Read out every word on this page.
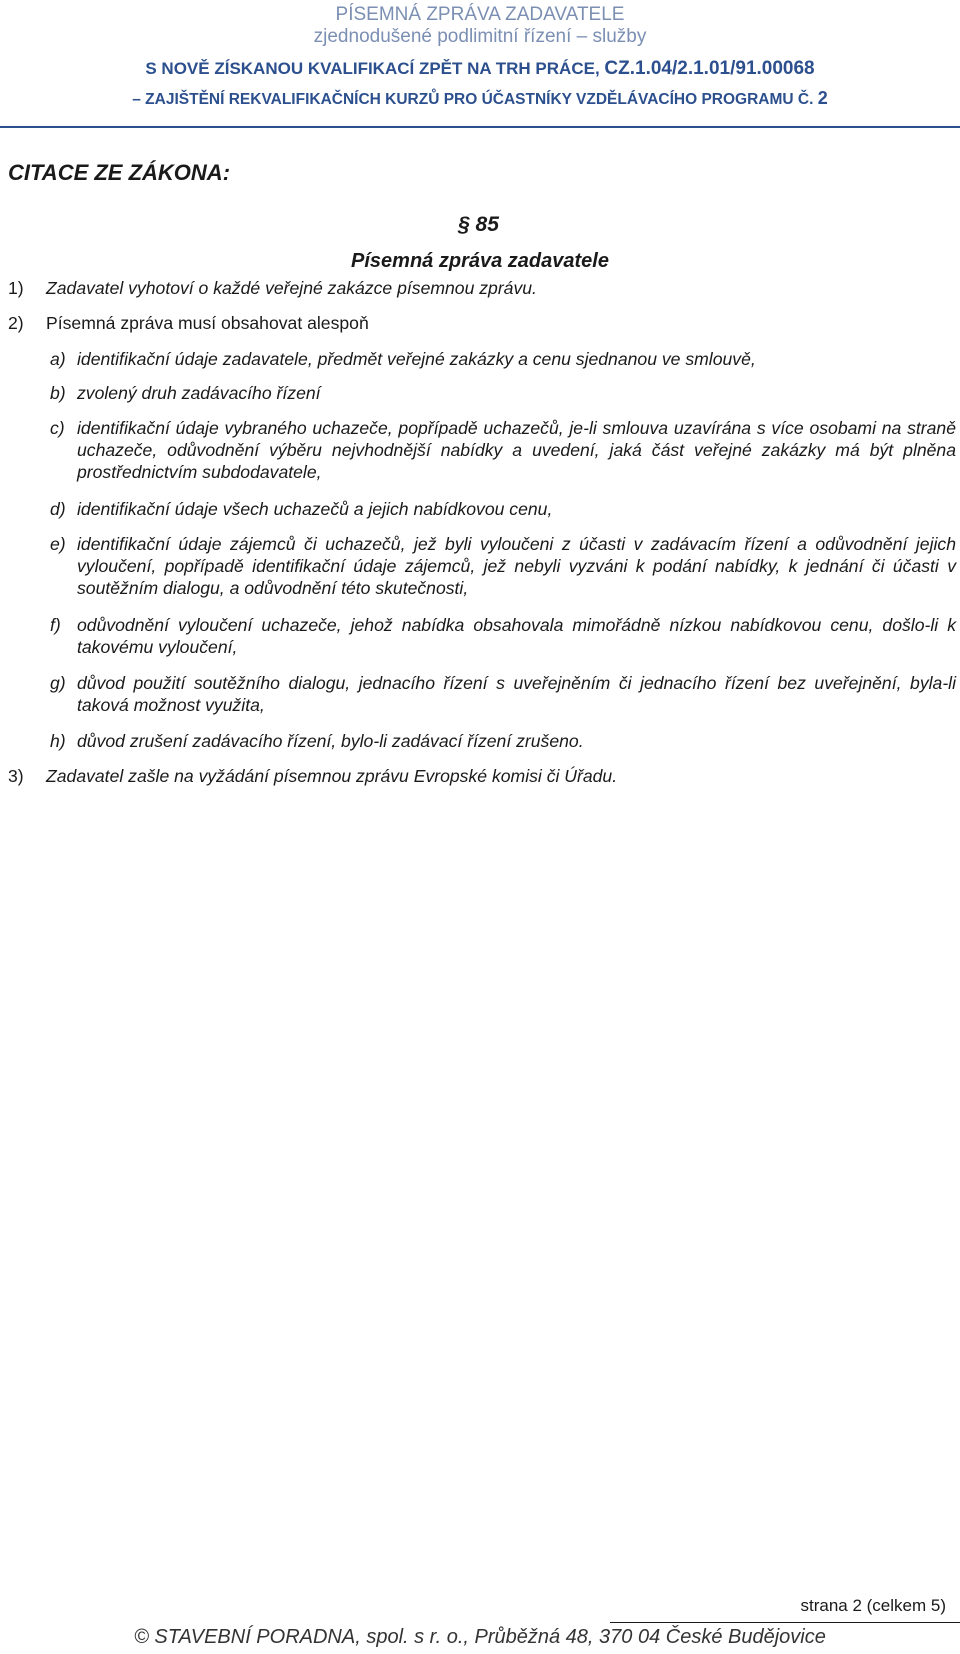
PÍSEMNÁ ZPRÁVA ZADAVATELE
zjednodušené podlimitní řízení – služby
S NOVĚ ZÍSKANOU KVALIFIKACÍ ZPĚT NA TRH PRÁCE, CZ.1.04/2.1.01/91.00068
– ZAJIŠTĚNÍ REKVALIFIKAČNÍCH KURZŮ PRO ÚČASTNÍKY VZDĚLÁVACÍHO PROGRAMU Č. 2
CITACE ZE ZÁKONA:
§ 85
Písemná zpráva zadavatele
1) Zadavatel vyhotoví o každé veřejné zakázce písemnou zprávu.
2) Písemná zpráva musí obsahovat alespoň
a) identifikační údaje zadavatele, předmět veřejné zakázky a cenu sjednanou ve smlouvě,
b) zvolený druh zadávacího řízení
c) identifikační údaje vybraného uchazeče, popřípadě uchazečů, je-li smlouva uzavírána s více osobami na straně uchazeče, odůvodnění výběru nejvhodnější nabídky a uvedení, jaká část veřejné zakázky má být plněna prostřednictvím subdodavatele,
d) identifikační údaje všech uchazečů a jejich nabídkovou cenu,
e) identifikační údaje zájemců či uchazečů, jež byli vyloučeni z účasti v zadávacím řízení a odůvodnění jejich vyloučení, popřípadě identifikační údaje zájemců, jež nebyli vyzváni k podání nabídky, k jednání či účasti v soutěžním dialogu, a odůvodnění této skutečnosti,
f) odůvodnění vyloučení uchazeče, jehož nabídka obsahovala mimořádně nízkou nabídkovou cenu, došlo-li k takovému vyloučení,
g) důvod použití soutěžního dialogu, jednacího řízení s uveřejněním či jednacího řízení bez uveřejnění, byla-li taková možnost využita,
h) důvod zrušení zadávacího řízení, bylo-li zadávací řízení zrušeno.
3) Zadavatel zašle na vyžádání písemnou zprávu Evropské komisi či Úřadu.
strana 2 (celkem 5)
© STAVEBNÍ PORADNA, spol. s r. o., Průběžná 48, 370 04 České Budějovice
